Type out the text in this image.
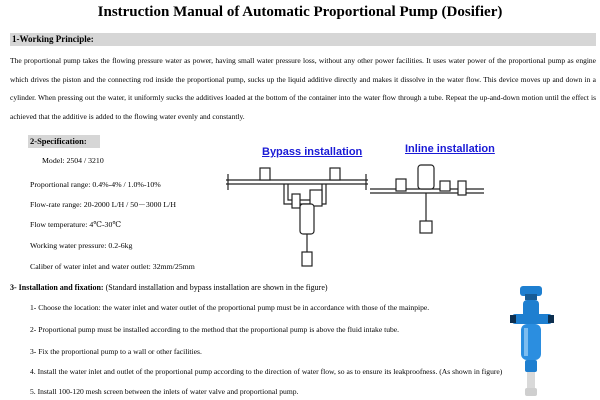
Instruction Manual of Automatic Proportional Pump (Dosifier)
1-Working Principle:

The proportional pump takes the flowing pressure water as power, having small water pressure loss, without any other power facilities. It uses water power of the proportional pump as engine which drives the piston and the connecting rod inside the proportional pump, sucks up the liquid additive directly and makes it dissolve in the water flow. This device moves up and down in a cylinder. When pressing out the water, it uniformly sucks the additives loaded at the bottom of the container into the water flow through a tube. Repeat the up-and-down motion until the effect is achieved that the additive is added to the flowing water evenly and constantly.

2-Specification:

Model: 2504 / 3210

Proportional range: 0.4%-4% / 1.0%-10%

Flow-rate range: 20-2000 L/H / 50－3000 L/H

Flow temperature: 4℃-30℃

Working water pressure: 0.2-6kg

Caliber of water inlet and water outlet: 32mm/25mm

Bypass installation	Inline installation

3- Installation and fixation: (Standard installation and bypass installation are shown in the figure)

1- Choose the location: the water inlet and water outlet of the proportional pump must be in accordance with those of the mainpipe.

2- Proportional pump must be installed according to the method that the proportional pump is above the fluid intake tube.

3- Fix the proportional pump to a wall or other facilities.

4. Install the water inlet and outlet of the proportional pump according to the direction of water flow, so as to ensure its leakproofness. (As shown in figure)

5. Install 100-120 mesh screen between the inlets of water valve and proportional pump.
